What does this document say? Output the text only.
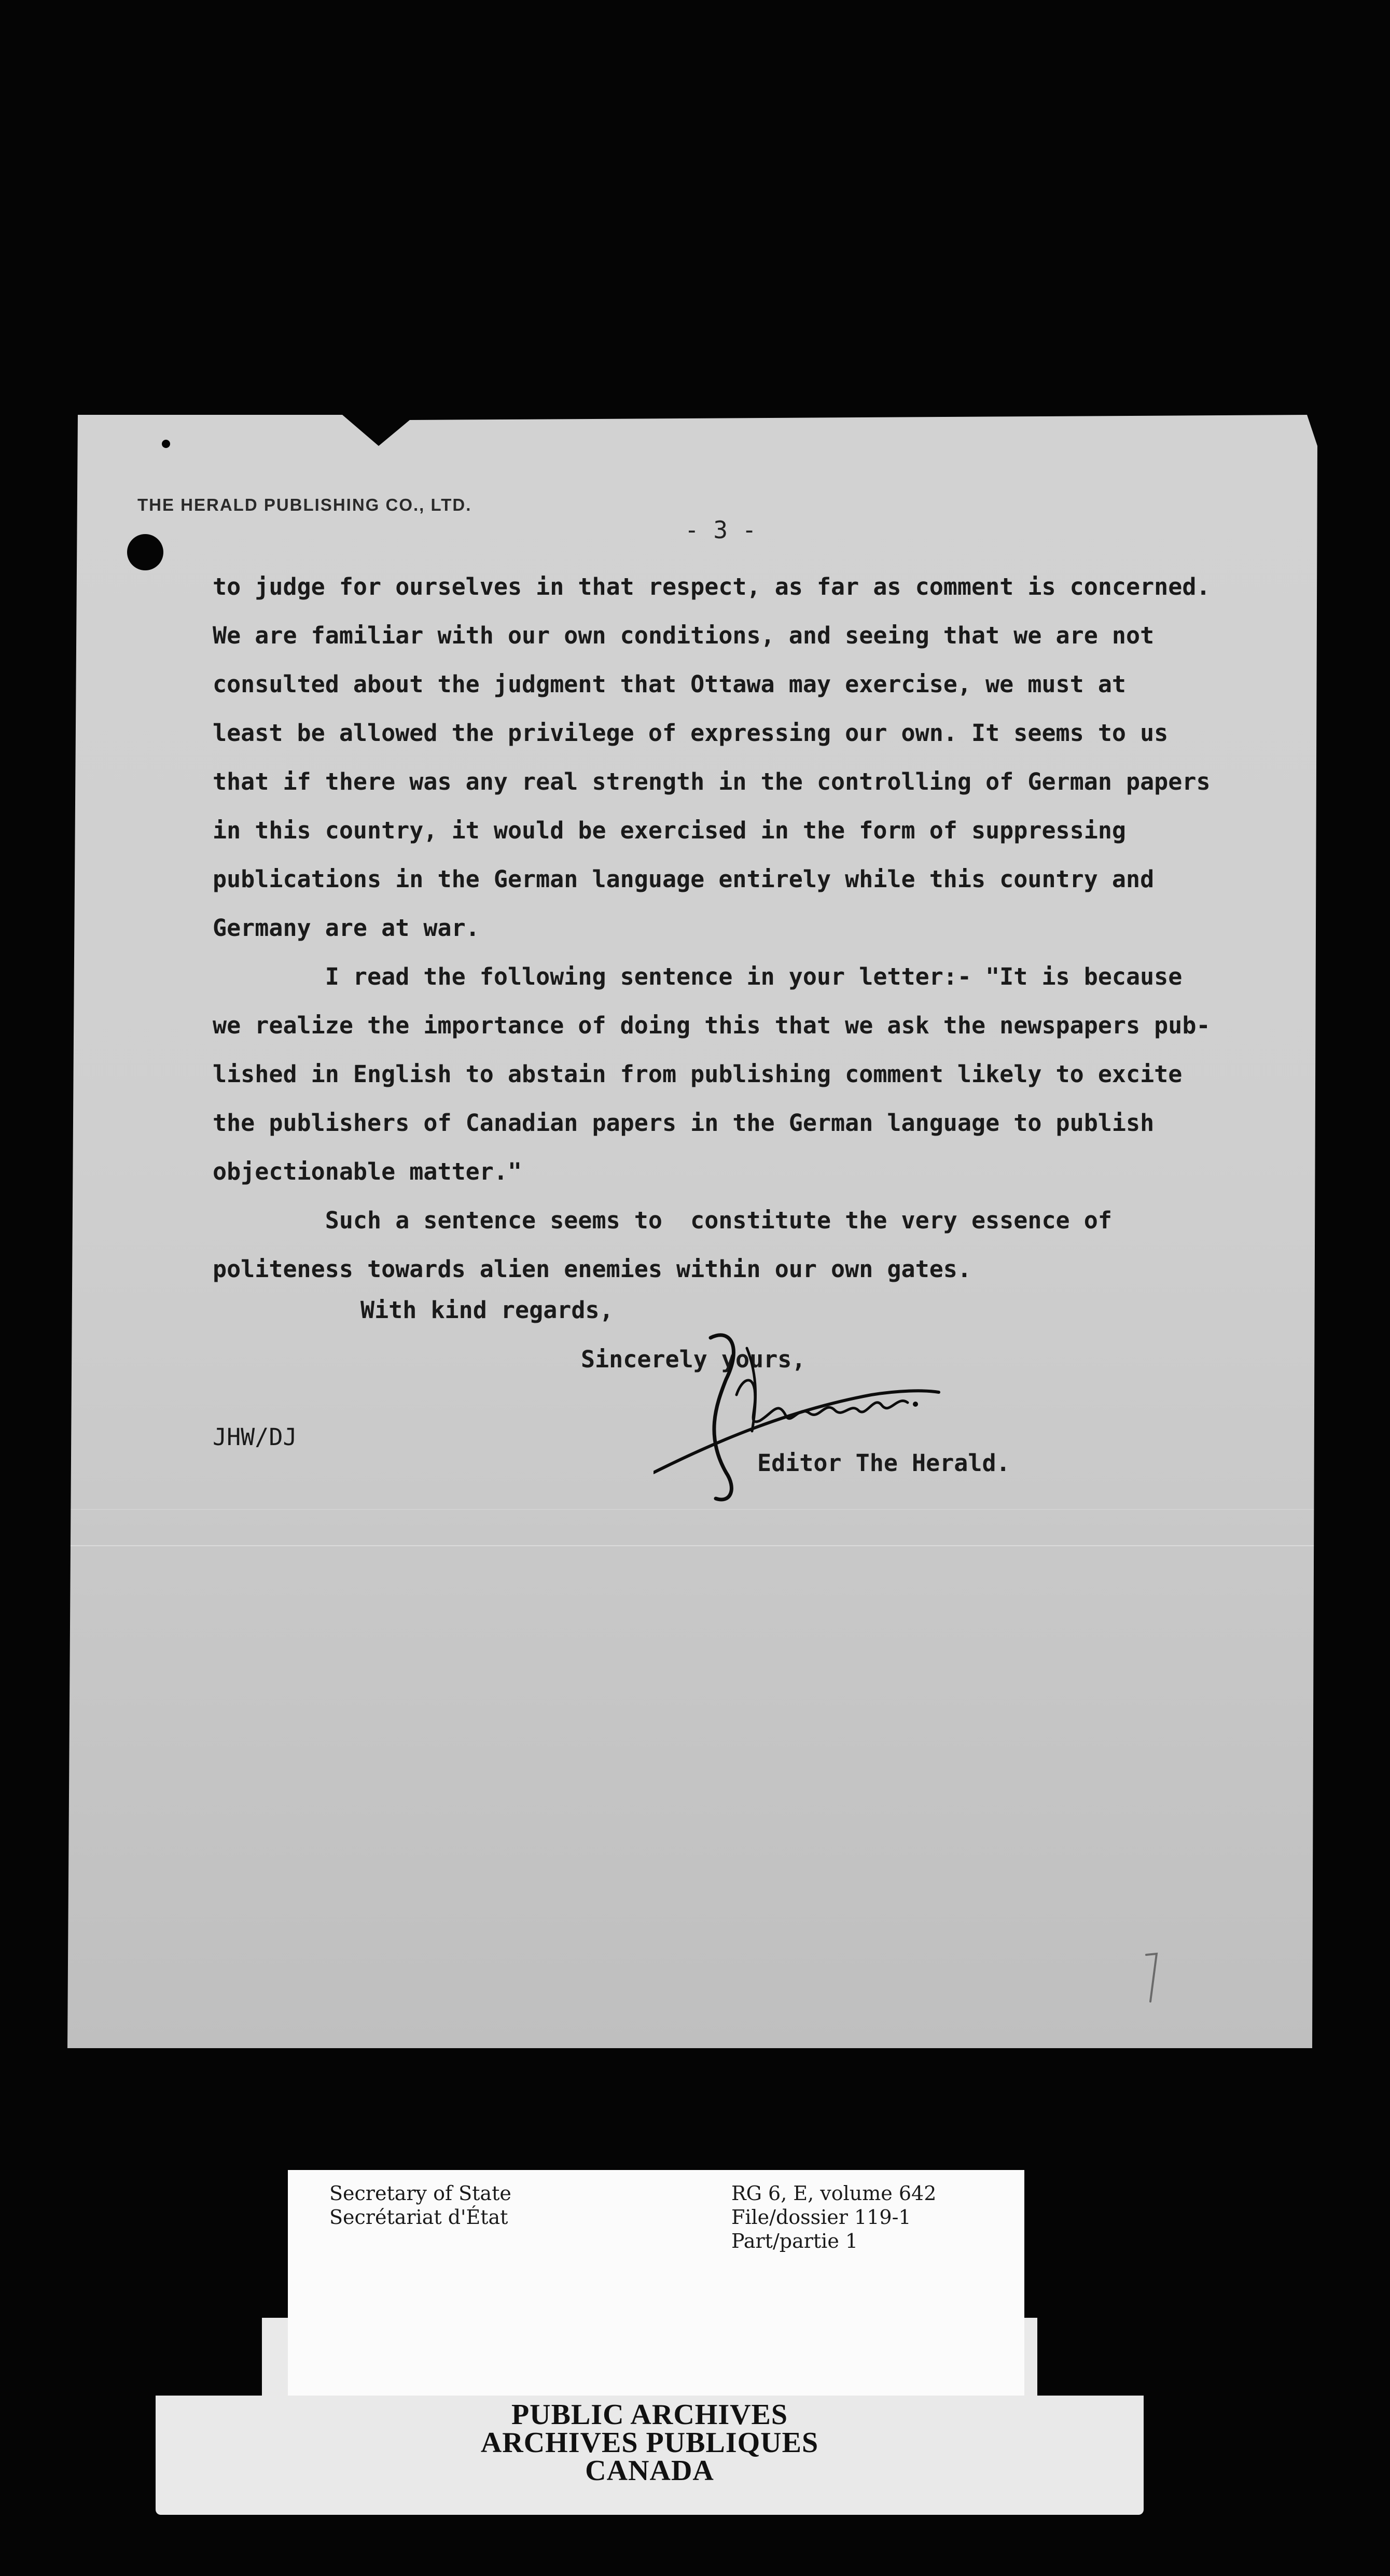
THE HERALD PUBLISHING CO., LTD.
- 3 -
to judge for ourselves in that respect, as far as comment is concerned.
We are familiar with our own conditions, and seeing that we are not
consulted about the judgment that Ottawa may exercise, we must at
least be allowed the privilege of expressing our own. It seems to us
that if there was any real strength in the controlling of German papers
in this country, it would be exercised in the form of suppressing
publications in the German language entirely while this country and
Germany are at war.
I read the following sentence in your letter:- "It is because
we realize the importance of doing this that we ask the newspapers pub-
lished in English to abstain from publishing comment likely to excite
the publishers of Canadian papers in the German language to publish
objectionable matter."
Such a sentence seems to  constitute the very essence of
politeness towards alien enemies within our own gates.
With kind regards,
Sincerely yours,
JHW/DJ
Editor The Herald.
Secretary of State
Secrétariat d'État
RG 6, E, volume 642
File/dossier 119-1
Part/partie 1
PUBLIC ARCHIVES
ARCHIVES PUBLIQUES
CANADA
